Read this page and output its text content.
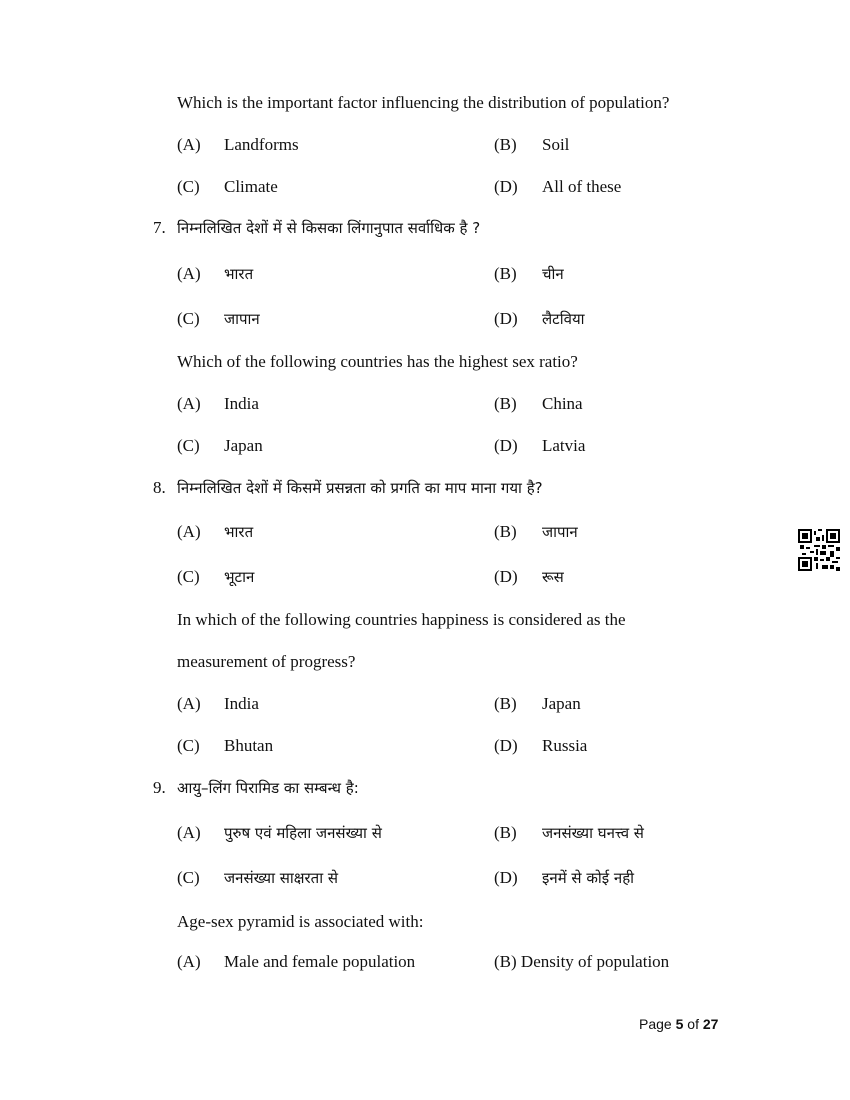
Which is the important factor influencing the distribution of population?
(A) Landforms	(B) Soil
(C) Climate	(D) All of these
7. निम्नलिखित देशों में से किसका लिंगानुपात सर्वाधिक है ?
(A) भारत	(B) चीन
(C) जापान	(D) लैटविया
Which of the following countries has the highest sex ratio?
(A) India	(B) China
(C) Japan	(D) Latvia
8. निम्नलिखित देशों में किसमें प्रसन्नता को प्रगति का माप माना गया है?
(A) भारत	(B) जापान
(C) भूटान	(D) रूस
In which of the following countries happiness is considered as the
measurement of progress?
(A) India	(B) Japan
(C) Bhutan	(D) Russia
9. आयु–लिंग पिरामिड का सम्बन्ध है:
(A) पुरुष एवं महिला जनसंख्या से	(B) जनसंख्या घनत्त्व से
(C) जनसंख्या साक्षरता से	(D) इनमें से कोई नही
Age-sex pyramid is associated with:
(A) Male and female population	(B) Density of population
Page 5 of 27
